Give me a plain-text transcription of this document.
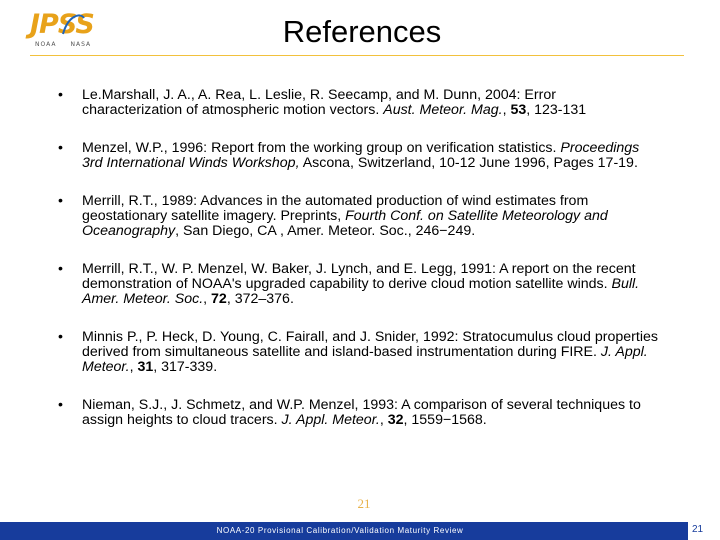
JPSS
NOAA NASA	References
• Le.Marshall, J. A., A. Rea, L. Leslie, R. Seecamp, and M. Dunn, 2004: Error characterization of atmospheric motion vectors. Aust. Meteor. Mag., 53, 123-131
• Menzel, W.P., 1996: Report from the working group on verification statistics. Proceedings 3rd International Winds Workshop, Ascona, Switzerland, 10-12 June 1996, Pages 17-19.
• Merrill, R.T., 1989: Advances in the automated production of wind estimates from geostationary satellite imagery. Preprints, Fourth Conf. on Satellite Meteorology and Oceanography, San Diego, CA , Amer. Meteor. Soc., 246−249.
• Merrill, R.T., W. P. Menzel, W. Baker, J. Lynch, and E. Legg, 1991: A report on the recent demonstration of NOAA's upgraded capability to derive cloud motion satellite winds. Bull. Amer. Meteor. Soc., 72, 372–376.
• Minnis P., P. Heck, D. Young, C. Fairall, and J. Snider, 1992: Stratocumulus cloud properties derived from simultaneous satellite and island-based instrumentation during FIRE. J. Appl. Meteor., 31, 317-339.
• Nieman, S.J., J. Schmetz, and W.P. Menzel, 1993: A comparison of several techniques to assign heights to cloud tracers. J. Appl. Meteor., 32, 1559−1568.
21
NOAA-20 Provisional Calibration/Validation Maturity Review	21
